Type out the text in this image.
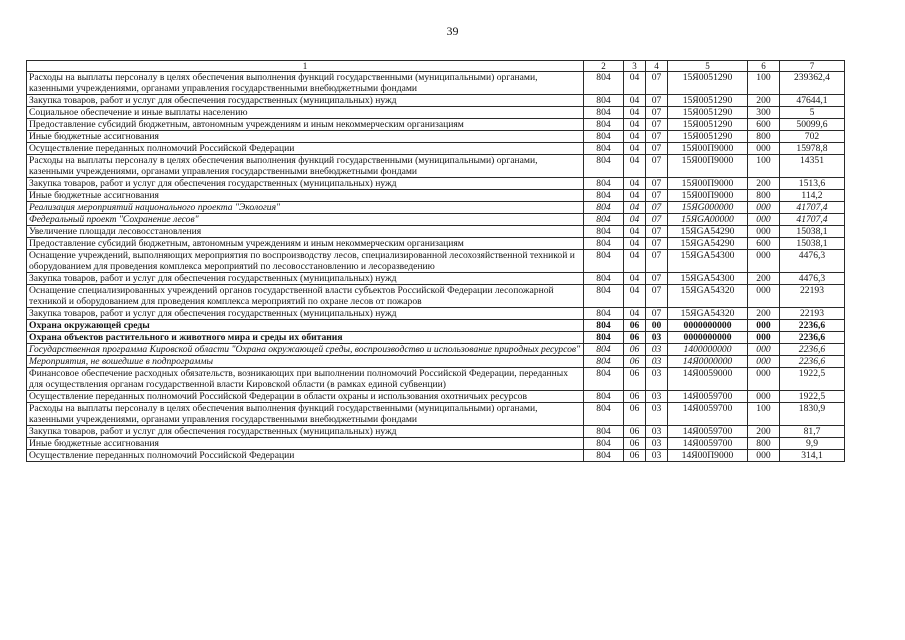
39
1	2	3	4	5	6	7
Расходы на выплаты персоналу в целях обеспечения выполнения функций государственными (муниципальными) органами, казенными учреждениями, органами управления государственными внебюджетными фондами	804	04	07	15Я0051290	100	239362,4
Закупка товаров, работ и услуг для обеспечения государственных (муниципальных) нужд	804	04	07	15Я0051290	200	47644,1
Социальное обеспечение и иные выплаты населению	804	04	07	15Я0051290	300	5
Предоставление субсидий бюджетным, автономным учреждениям и иным некоммерческим организациям	804	04	07	15Я0051290	600	50099,6
Иные бюджетные ассигнования	804	04	07	15Я0051290	800	702
Осуществление переданных полномочий Российской Федерации	804	04	07	15Я00П9000	000	15978,8
Расходы на выплаты персоналу в целях обеспечения выполнения функций государственными (муниципальными) органами, казенными учреждениями, органами управления государственными внебюджетными фондами	804	04	07	15Я00П9000	100	14351
Закупка товаров, работ и услуг для обеспечения государственных (муниципальных) нужд	804	04	07	15Я00П9000	200	1513,6
Иные бюджетные ассигнования	804	04	07	15Я00П9000	800	114,2
Реализация мероприятий национального проекта "Экология"	804	04	07	15ЯG000000	000	41707,4
Федеральный проект "Сохранение лесов"	804	04	07	15ЯGA00000	000	41707,4
Увеличение площади лесовосстановления	804	04	07	15ЯGA54290	000	15038,1
Предоставление субсидий бюджетным, автономным учреждениям и иным некоммерческим организациям	804	04	07	15ЯGA54290	600	15038,1
Оснащение учреждений, выполняющих мероприятия по воспроизводству лесов, специализированной лесохозяйственной техникой и оборудованием для проведения комплекса мероприятий по лесовосстановлению и лесоразведению	804	04	07	15ЯGA54300	000	4476,3
Закупка товаров, работ и услуг для обеспечения государственных (муниципальных) нужд	804	04	07	15ЯGA54300	200	4476,3
Оснащение специализированных учреждений органов государственной власти субъектов Российской Федерации лесопожарной техникой и оборудованием для проведения комплекса мероприятий по охране лесов от пожаров	804	04	07	15ЯGA54320	000	22193
Закупка товаров, работ и услуг для обеспечения государственных (муниципальных) нужд	804	04	07	15ЯGA54320	200	22193
Охрана окружающей среды	804	06	00	0000000000	000	2236,6
Охрана объектов растительного и животного мира и среды их обитания	804	06	03	0000000000	000	2236,6
Государственная программа Кировской области "Охрана окружающей среды, воспроизводство и использование природных ресурсов"	804	06	03	1400000000	000	2236,6
Мероприятия, не вошедшие в подпрограммы	804	06	03	14Я0000000	000	2236,6
Финансовое обеспечение расходных обязательств, возникающих при выполнении полномочий Российской Федерации, переданных для осуществления органам государственной власти Кировской области (в рамках единой субвенции)	804	06	03	14Я0059000	000	1922,5
Осуществление переданных полномочий Российской Федерации в области охраны и использования охотничьих ресурсов	804	06	03	14Я0059700	000	1922,5
Расходы на выплаты персоналу в целях обеспечения выполнения функций государственными (муниципальными) органами, казенными учреждениями, органами управления государственными внебюджетными фондами	804	06	03	14Я0059700	100	1830,9
Закупка товаров, работ и услуг для обеспечения государственных (муниципальных) нужд	804	06	03	14Я0059700	200	81,7
Иные бюджетные ассигнования	804	06	03	14Я0059700	800	9,9
Осуществление переданных полномочий Российской Федерации	804	06	03	14Я00П9000	000	314,1
